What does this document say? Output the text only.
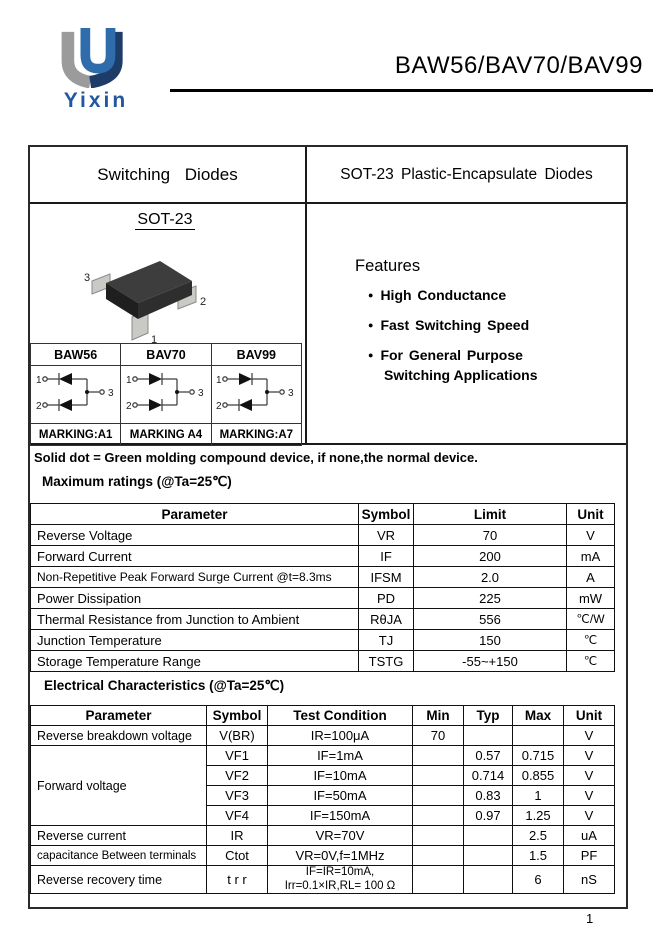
Yixin
BAW56/BAV70/BAV99
Switching Diodes	SOT-23 Plastic-Encapsulate Diodes
SOT-23
3
2
1
BAW56	BAV70	BAV99

1
2
3	1
2
3	1
2
3

MARKING:A1	MARKING A4	MARKING:A7
Features
● High Conductance
● Fast Switching Speed
● For General Purpose
Switching Applications
Solid dot = Green molding compound device, if none,the normal device.
Maximum ratings (@Ta=25℃)
Parameter	Symbol	Limit	Unit
Reverse Voltage	VR	70	V
Forward Current	IF	200	mA
Non-Repetitive Peak Forward Surge Current @t=8.3ms	IFSM	2.0	A
Power Dissipation	PD	225	mW
Thermal Resistance from Junction to Ambient	RθJA	556	℃/W
Junction Temperature	TJ	150	℃
Storage Temperature Range	TSTG	-55~+150	℃
Electrical Characteristics (@Ta=25℃)
Parameter	Symbol	Test Condition	Min	Typ	Max	Unit
Reverse breakdown voltage	V(BR)	IR=100μA	70			V
Forward voltage	VF1	IF=1mA		0.57	0.715	V
	VF2	IF=10mA		0.714	0.855	V
	VF3	IF=50mA		0.83	1	V
	VF4	IF=150mA		0.97	1.25	V
Reverse current	IR	VR=70V			2.5	uA
capacitance Between terminals	Ctot	VR=0V,f=1MHz			1.5	PF
Reverse recovery time	t r r	IF=IR=10mA,
Irr=0.1×IR,RL= 100 Ω			6	nS
1
